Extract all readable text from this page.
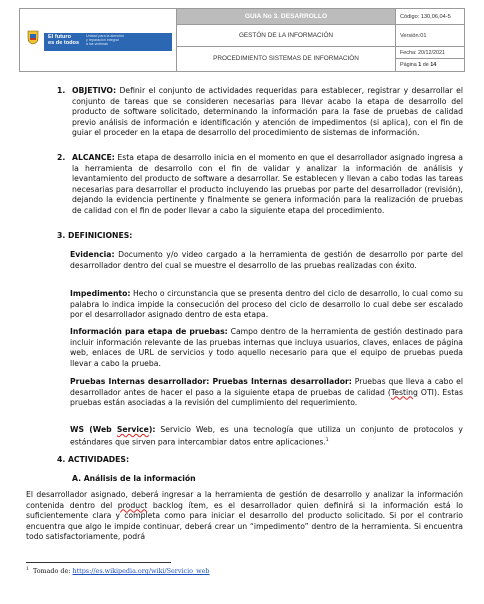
El futuro
es de todos
Unidad para la atención
y reparación integral
a las víctimas
GUIA No 3. DESARROLLO	Código: 130,06,04-5
GESTÓN DE LA INFORMACIÓN	Versión:01
PROCEDIMIENTO SISTEMAS DE INFORMACIÓN
Fecha: 20/12/2021
Página 1 de 14
1. OBJETIVO: Definir el conjunto de actividades requeridas para establecer, registrar y desarrollar el conjunto de tareas que se consideren necesarias para llevar acabo la etapa de desarrollo del producto de software solicitado, determinando la información para la fase de pruebas de calidad previo análisis de información e identificación y atención de impedimentos (si aplica), con el fin de guiar el proceder en la etapa de desarrollo del procedimiento de sistemas de información.
2. ALCANCE: Esta etapa de desarrollo inicia en el momento en que el desarrollador asignado ingresa a la herramienta de desarrollo con el fin de validar y analizar la información de análisis y levantamiento del producto de software a desarrollar. Se establecen y llevan a cabo todas las tareas necesarias para desarrollar el producto incluyendo las pruebas por parte del desarrollador (revisión), dejando la evidencia pertinente y finalmente se genera información para la realización de pruebas de calidad con el fin de poder llevar a cabo la siguiente etapa del procedimiento.
3. DEFINICIONES:
Evidencia: Documento y/o video cargado a la herramienta de gestión de desarrollo por parte del desarrollador dentro del cual se muestre el desarrollo de las pruebas realizadas con éxito.
Impedimento: Hecho o circunstancia que se presenta dentro del ciclo de desarrollo, lo cual como su palabra lo indica impide la consecución del proceso del ciclo de desarrollo lo cual debe ser escalado por el desarrollador asignado dentro de esta etapa.
Información para etapa de pruebas: Campo dentro de la herramienta de gestión destinado para incluir información relevante de las pruebas internas que incluya usuarios, claves, enlaces de página web, enlaces de URL de servicios y todo aquello necesario para que el equipo de pruebas pueda llevar a cabo la prueba.
Pruebas Internas desarrollador: Pruebas Internas desarrollador: Pruebas que lleva a cabo el desarrollador antes de hacer el paso a la siguiente etapa de pruebas de calidad (Testing OTI). Estas pruebas están asociadas a la revisión del cumplimiento del requerimiento.
WS (Web Service): Servicio Web, es una tecnología que utiliza un conjunto de protocolos y estándares que sirven para intercambiar datos entre aplicaciones.$^1$
4. ACTIVIDADES:
A. Análisis de la información
El desarrollador asignado, deberá ingresar a la herramienta de gestión de desarrollo y analizar la información contenida dentro del product backlog ítem, es el desarrollador quien definirá si la información está lo suficientemente clara y completa como para iniciar el desarrollo del producto solicitado. Si por el contrario encuentra que algo le impide continuar, deberá crear un “impedimento” dentro de la herramienta. Si encuentra todo satisfactoriamente, podrá
$^1$  Tomado de: https://es.wikipedia.org/wiki/Servicio_web
